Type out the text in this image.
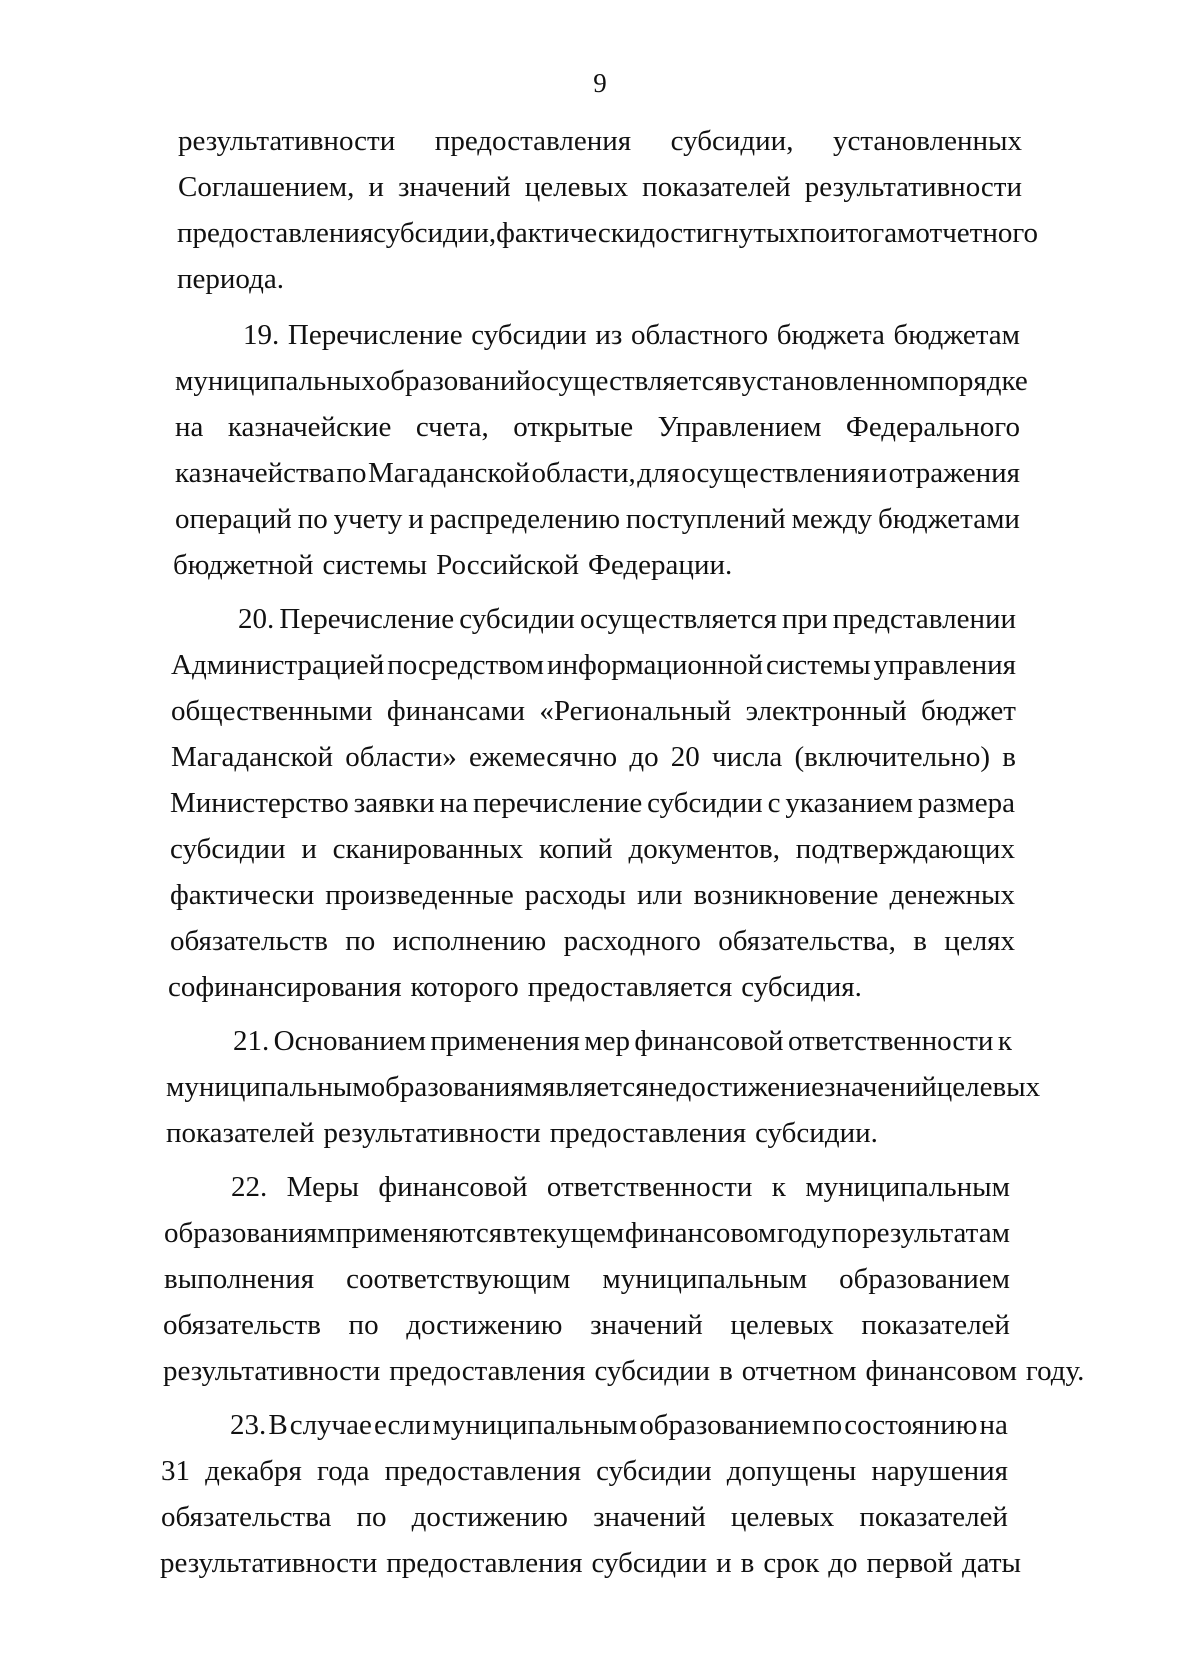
9
результативности предоставления субсидии, установленных
Соглашением, и значений целевых показателей результативности
предоставления субсидии, фактически достигнутых по итогам отчетного
периода.
19. Перечисление субсидии из областного бюджета бюджетам
муниципальных образований осуществляется в установленном порядке
на казначейские счета, открытые Управлением Федерального
казначейства по Магаданской области, для осуществления и отражения
операций по учету и распределению поступлений между бюджетами
бюджетной системы Российской Федерации.
20. Перечисление субсидии осуществляется при представлении
Администрацией посредством информационной системы управления
общественными финансами «Региональный электронный бюджет
Магаданской области» ежемесячно до 20 числа (включительно) в
Министерство заявки на перечисление субсидии с указанием размера
субсидии и сканированных копий документов, подтверждающих
фактически произведенные расходы или возникновение денежных
обязательств по исполнению расходного обязательства, в целях
софинансирования которого предоставляется субсидия.
21. Основанием применения мер финансовой ответственности к
муниципальным образованиям является недостижение значений целевых
показателей результативности предоставления субсидии.
22. Меры финансовой ответственности к муниципальным
образованиям применяются в текущем финансовом году по результатам
выполнения соответствующим муниципальным образованием
обязательств по достижению значений целевых показателей
результативности предоставления субсидии в отчетном финансовом году.
23. В случае если муниципальным образованием по состоянию на
31 декабря года предоставления субсидии допущены нарушения
обязательства по достижению значений целевых показателей
результативности предоставления субсидии и в срок до первой даты
